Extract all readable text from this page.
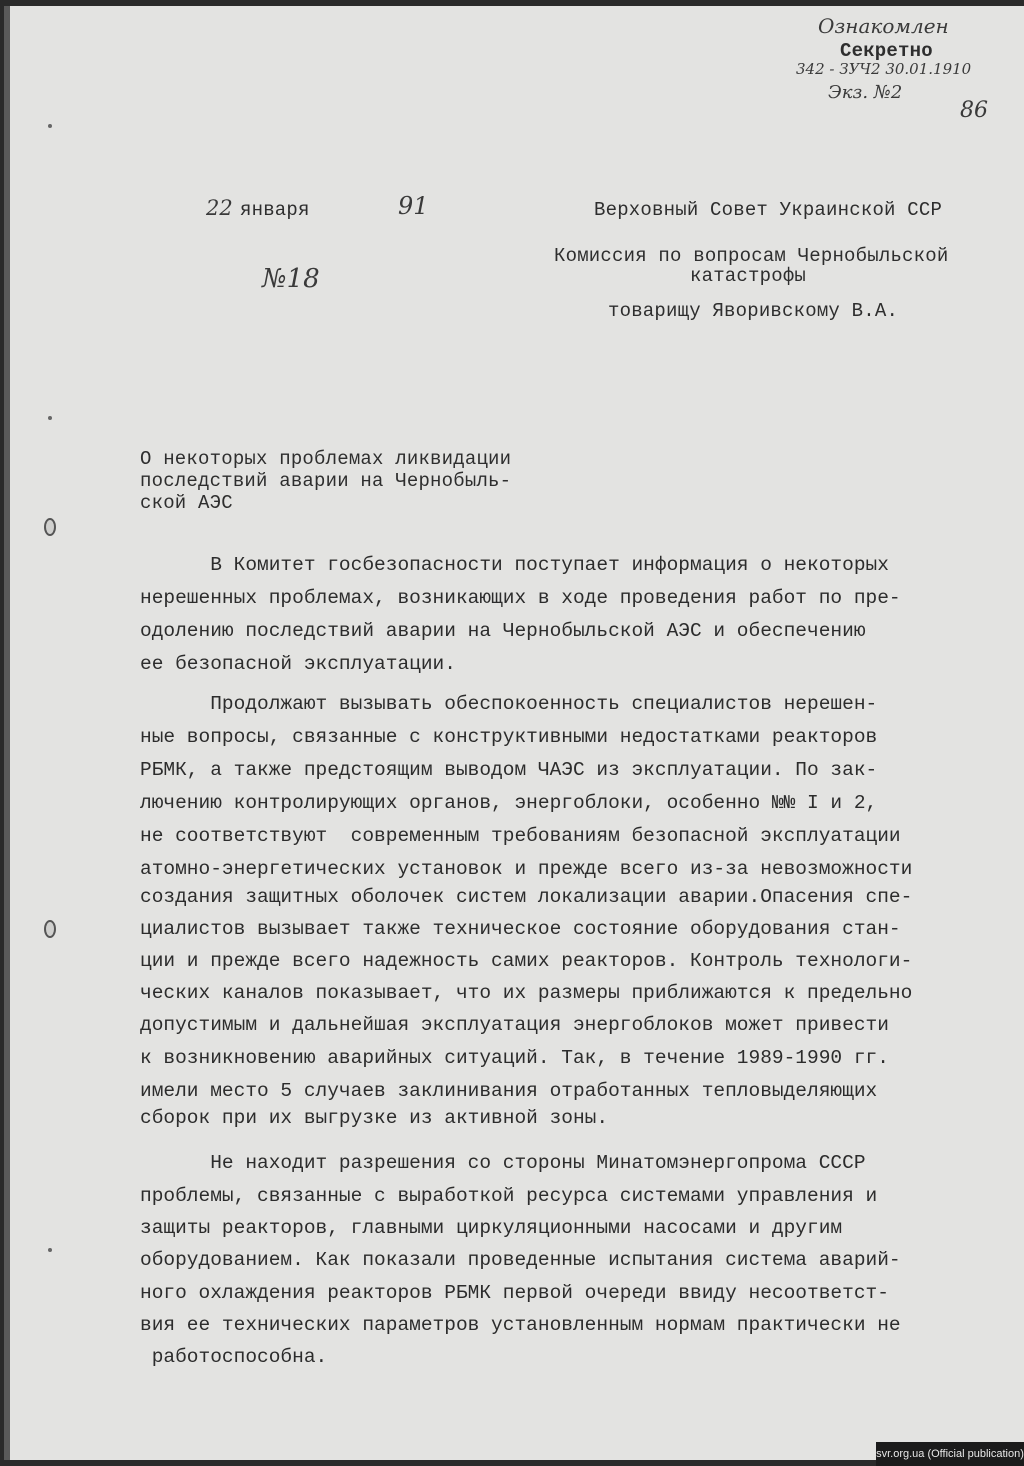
Ознакомлен
Секретно
342 - ЗУЧ2 30.01.1910
Экз. №2
86
22 января	91
№18
Верховный Совет Украинской ССР
Комиссия по вопросам Чернобыльской
катастрофы
товарищу Яворивскому В.А.
О некоторых проблемах ликвидации
последствий аварии на Чернобыль-
ской АЭС
В Комитет госбезопасности поступает информация о некоторых
нерешенных проблемах, возникающих в ходе проведения работ по пре-
одолению последствий аварии на Чернобыльской АЭС и обеспечению
ее безопасной эксплуатации.
Продолжают вызывать обеспокоенность специалистов нерешен-
ные вопросы, связанные с конструктивными недостатками реакторов
РБМК, а также предстоящим выводом ЧАЭС из эксплуатации. По зак-
лючению контролирующих органов, энергоблоки, особенно №№ I и 2,
не соответствуют  современным требованиям безопасной эксплуатации
атомно-энергетических установок и прежде всего из-за невозможности
создания защитных оболочек систем локализации аварии.Опасения спе-
циалистов вызывает также техническое состояние оборудования стан-
ции и прежде всего надежность самих реакторов. Контроль технологи-
ческих каналов показывает, что их размеры приближаются к предельно
допустимым и дальнейшая эксплуатация энергоблоков может привести
к возникновению аварийных ситуаций. Так, в течение 1989-1990 гг.
имели место 5 случаев заклинивания отработанных тепловыделяющих
сборок при их выгрузке из активной зоны.
Не находит разрешения со стороны Минатомэнергопрома СССР
проблемы, связанные с выработкой ресурса системами управления и
защиты реакторов, главными циркуляционными насосами и другим
оборудованием. Как показали проведенные испытания система аварий-
ного охлаждения реакторов РБМК первой очереди ввиду несоответст-
вия ее технических параметров установленным нормам практически не
работоспособна.
svr.org.ua (Official publication)
